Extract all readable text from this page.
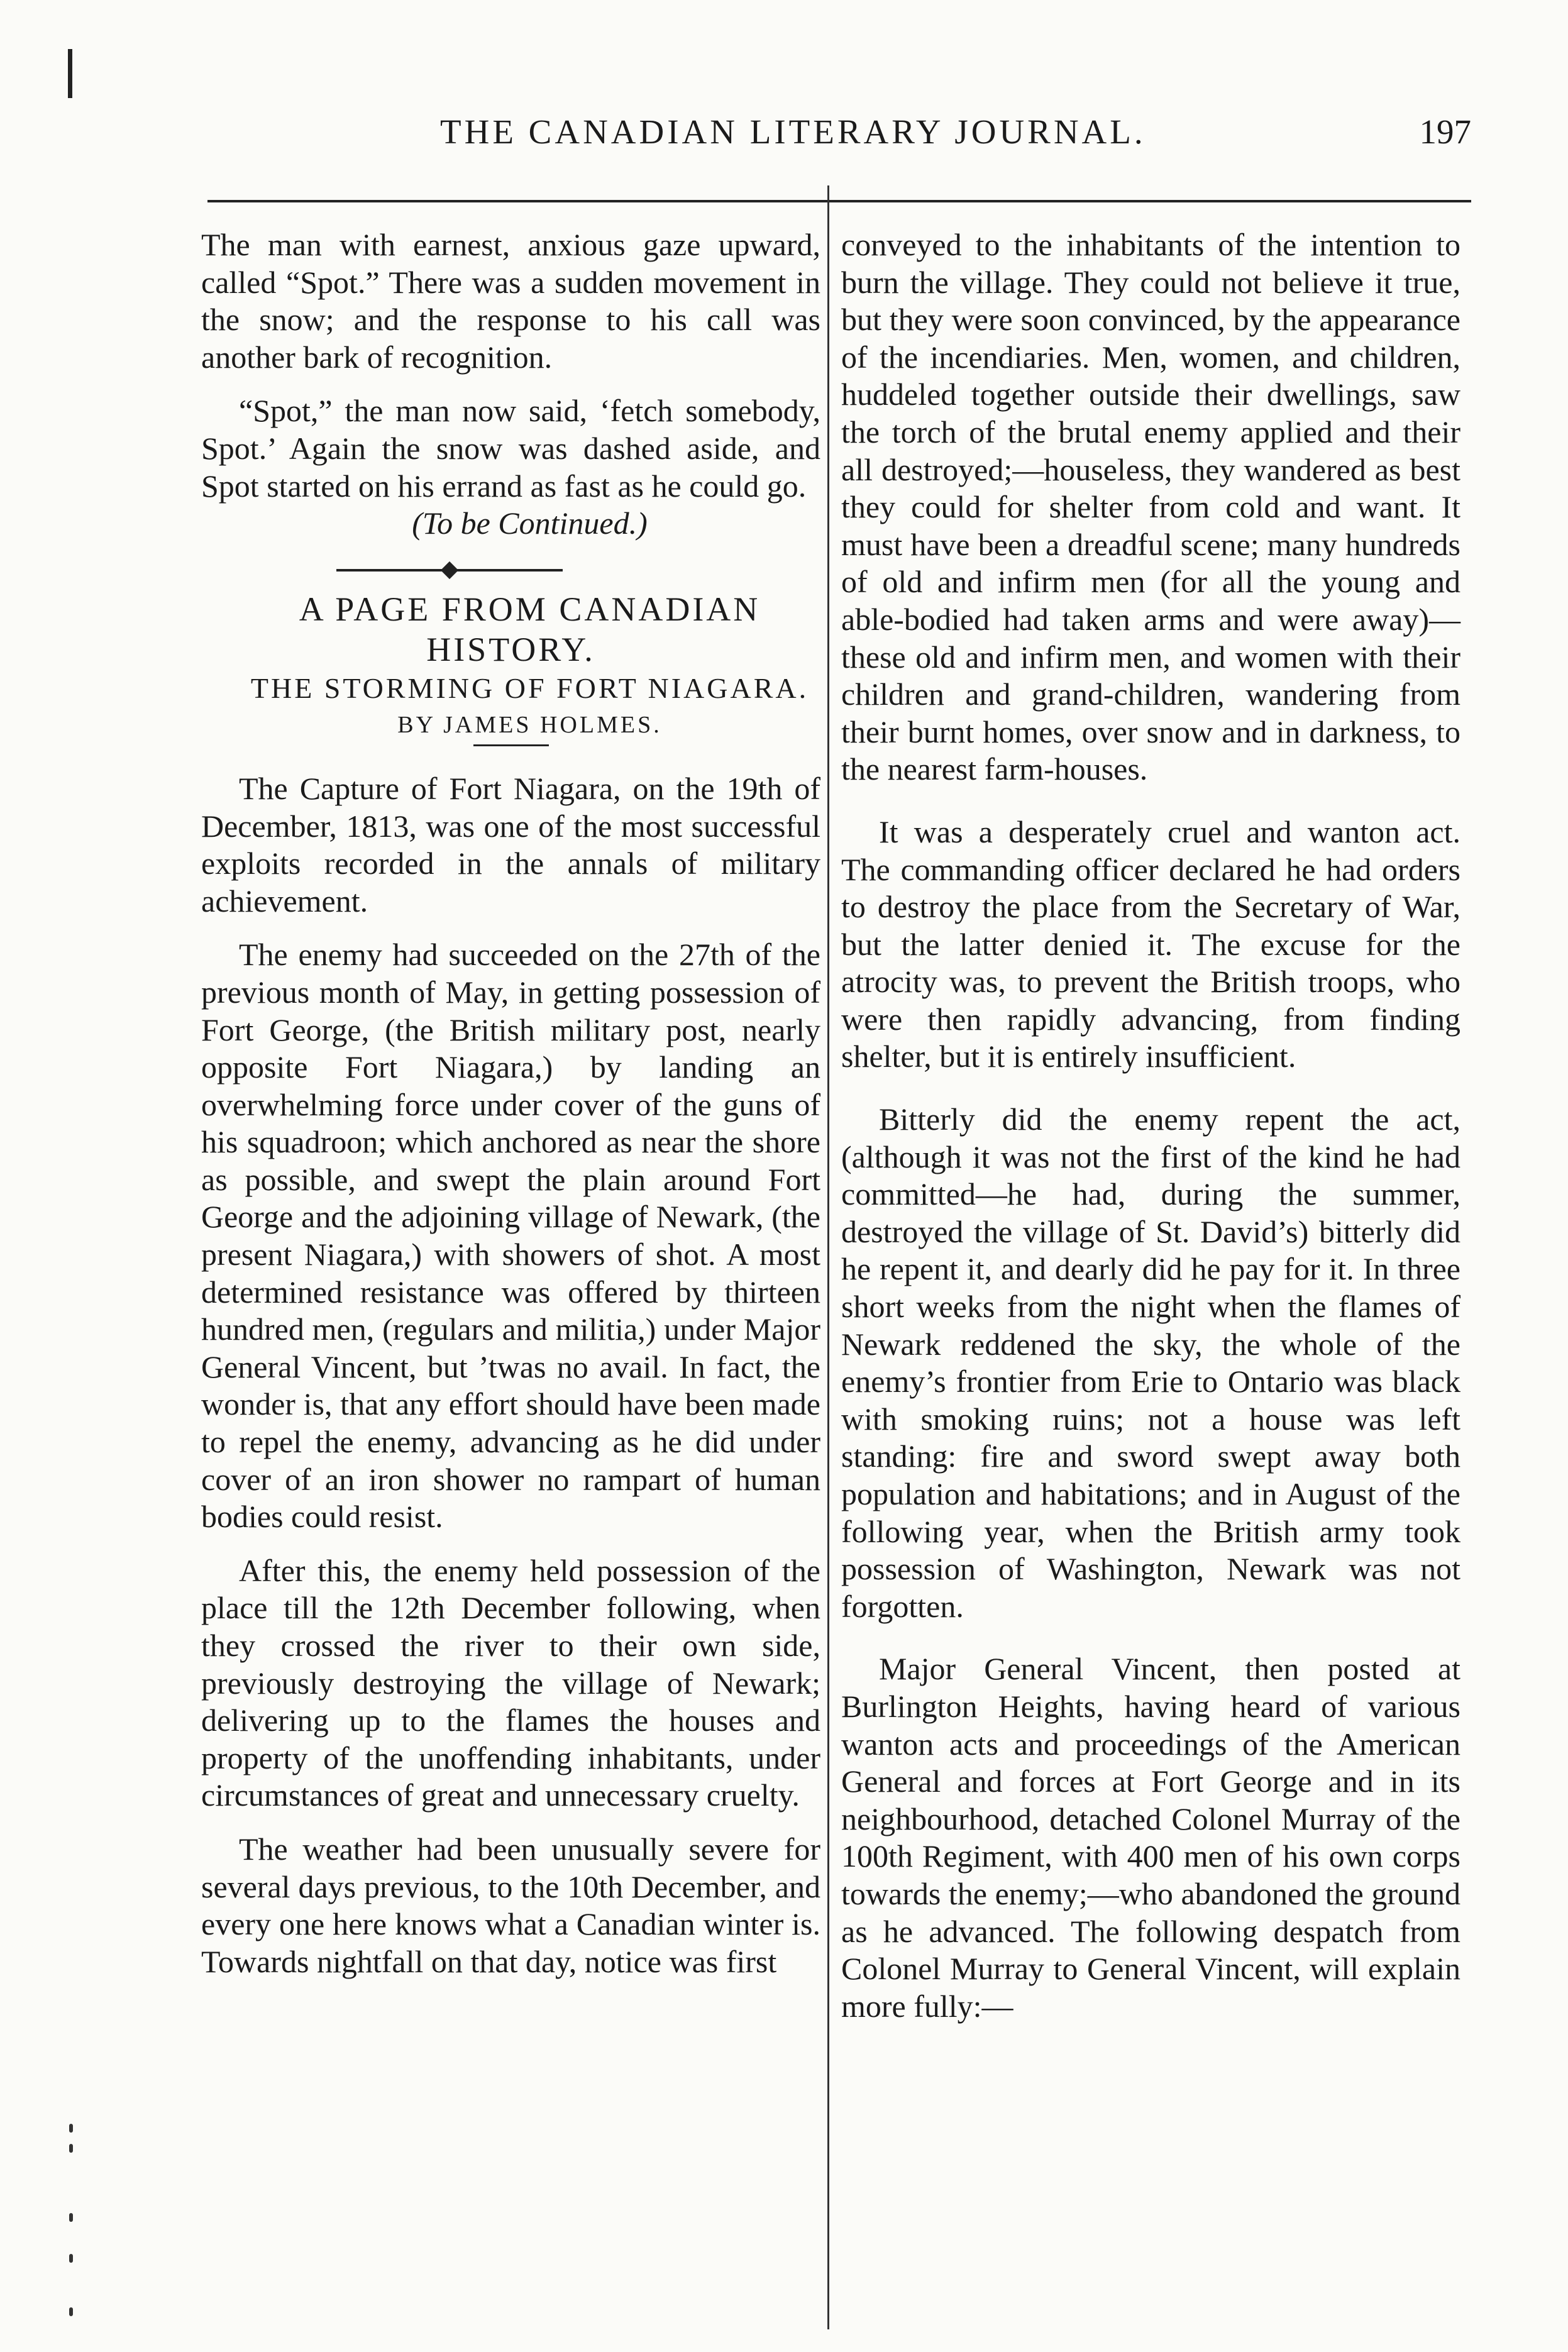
THE CANADIAN LITERARY JOURNAL.	197

The man with earnest, anxious gaze upward, called “Spot.” There was a sudden movement in the snow; and the response to his call was another bark of recognition.

“Spot,” the man now said, ‘fetch somebody, Spot.’ Again the snow was dashed aside, and Spot started on his errand as fast as he could go.

(To be Continued.)

A PAGE FROM CANADIAN HISTORY.

THE STORMING OF FORT NIAGARA.

BY JAMES HOLMES.

The Capture of Fort Niagara, on the 19th of December, 1813, was one of the most successful exploits recorded in the annals of military achievement.

The enemy had succeeded on the 27th of the previous month of May, in getting possession of Fort George, (the British military post, nearly opposite Fort Niagara,) by landing an overwhelming force under cover of the guns of his squadroon; which anchored as near the shore as possible, and swept the plain around Fort George and the adjoining village of Newark, (the present Niagara,) with showers of shot. A most determined resistance was offered by thirteen hundred men, (regulars and militia,) under Major General Vincent, but ’twas no avail. In fact, the wonder is, that any effort should have been made to repel the enemy, advancing as he did under cover of an iron shower no rampart of human bodies could resist.

After this, the enemy held possession of the place till the 12th December following, when they crossed the river to their own side, previously destroying the village of Newark; delivering up to the flames the houses and property of the unoffending inhabitants, under circumstances of great and unnecessary cruelty.

The weather had been unusually severe for several days previous, to the 10th December, and every one here knows what a Canadian winter is. Towards nightfall on that day, notice was first

conveyed to the inhabitants of the intention to burn the village. They could not believe it true, but they were soon convinced, by the appearance of the incendiaries. Men, women, and children, huddeled together outside their dwellings, saw the torch of the brutal enemy applied and their all destroyed;—houseless, they wandered as best they could for shelter from cold and want. It must have been a dreadful scene; many hundreds of old and infirm men (for all the young and able-bodied had taken arms and were away)—these old and infirm men, and women with their children and grand-children, wandering from their burnt homes, over snow and in darkness, to the nearest farm-houses.

It was a desperately cruel and wanton act. The commanding officer declared he had orders to destroy the place from the Secretary of War, but the latter denied it. The excuse for the atrocity was, to prevent the British troops, who were then rapidly advancing, from finding shelter, but it is entirely insufficient.

Bitterly did the enemy repent the act, (although it was not the first of the kind he had committed—he had, during the summer, destroyed the village of St. David’s) bitterly did he repent it, and dearly did he pay for it. In three short weeks from the night when the flames of Newark reddened the sky, the whole of the enemy’s frontier from Erie to Ontario was black with smoking ruins; not a house was left standing: fire and sword swept away both population and habitations; and in August of the following year, when the British army took possession of Washington, Newark was not forgotten.

Major General Vincent, then posted at Burlington Heights, having heard of various wanton acts and proceedings of the American General and forces at Fort George and in its neighbourhood, detached Colonel Murray of the 100th Regiment, with 400 men of his own corps towards the enemy;—who abandoned the ground as he advanced. The following despatch from Colonel Murray to General Vincent, will explain more fully:—
